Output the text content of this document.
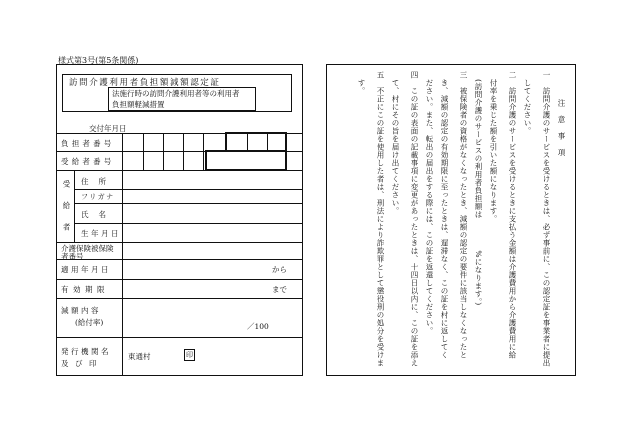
様式第3号(第5条関係)
訪問介護利用者負担額減額認定証
法施行時の訪問介護利用者等の利用者
負担額軽減措置
交付年月日
負担者番号
受給者番号
受給者 住所
フリガナ
氏名
生年月日
介護保険被保険
者番号
適用年月日	から
有効期限	まで
減額内容
(給付率)	／100
発行機関名
及び印
東通村	印
注意事項
一　訪問介護のサービスを受けるときは、必ず事前に、この認定証を事業者に提出
　してください。
二　訪問介護のサービスを受けるときに支払う金額は介護費用から介護費用に給
　付率を乗じた額を引いた額になります。
　(訪問介護のサービスの利用者負担額は　　　　%になります。)
三　被保険者の資格がなくなったとき、減額の認定の要件に該当しなくなったと
　き、減額の認定の有効期限に至ったときは、遅滞なく、この証を村に返してく
　ださい。また、転出の届出をする際には、この証を返還してください。
四　この証の表面の記載事項に変更があったときは、十四日以内に、この証を添え
　て、村にその旨を届け出てください。
五　不正にこの証を使用した者は、刑法により詐欺罪として懲役刑の処分を受けま
　す。
